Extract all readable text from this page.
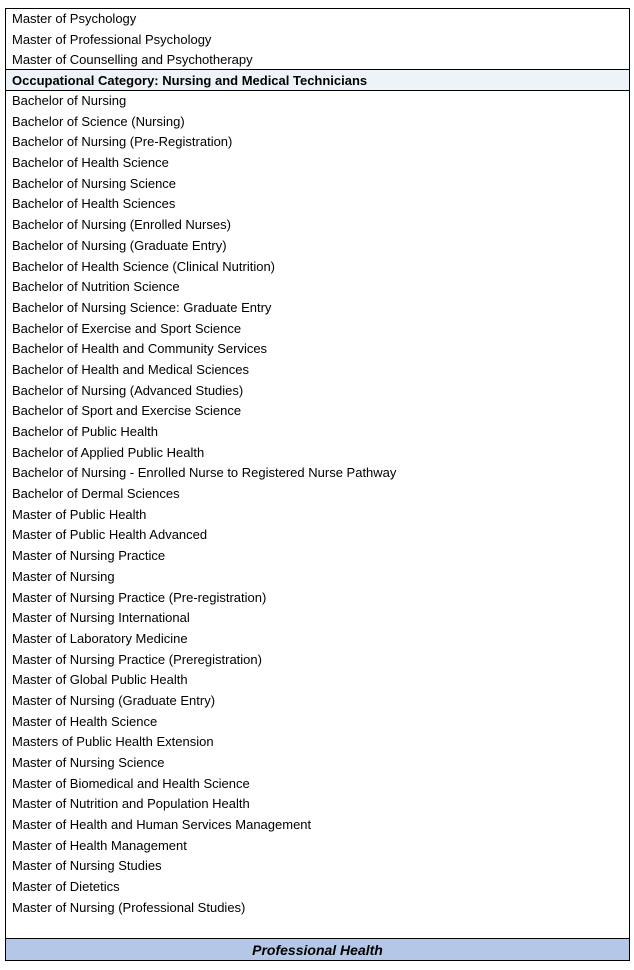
Master of Psychology
Master of Professional Psychology
Master of Counselling and Psychotherapy
Occupational Category: Nursing and Medical Technicians
Bachelor of Nursing
Bachelor of Science (Nursing)
Bachelor of Nursing (Pre-Registration)
Bachelor of Health Science
Bachelor of Nursing Science
Bachelor of Health Sciences
Bachelor of Nursing (Enrolled Nurses)
Bachelor of Nursing (Graduate Entry)
Bachelor of Health Science (Clinical Nutrition)
Bachelor of Nutrition Science
Bachelor of Nursing Science: Graduate Entry
Bachelor of Exercise and Sport Science
Bachelor of Health and Community Services
Bachelor of Health and Medical Sciences
Bachelor of Nursing (Advanced Studies)
Bachelor of Sport and Exercise Science
Bachelor of Public Health
Bachelor of Applied Public Health
Bachelor of Nursing - Enrolled Nurse to Registered Nurse Pathway
Bachelor of Dermal Sciences
Master of Public Health
Master of Public Health Advanced
Master of Nursing Practice
Master of Nursing
Master of Nursing Practice (Pre-registration)
Master of Nursing International
Master of Laboratory Medicine
Master of Nursing Practice (Preregistration)
Master of Global Public Health
Master of Nursing (Graduate Entry)
Master of Health Science
Masters of Public Health Extension
Master of Nursing Science
Master of Biomedical and Health Science
Master of Nutrition and Population Health
Master of Health and Human Services Management
Master of Health Management
Master of Nursing Studies
Master of Dietetics
Master of Nursing (Professional Studies)
Professional Health
